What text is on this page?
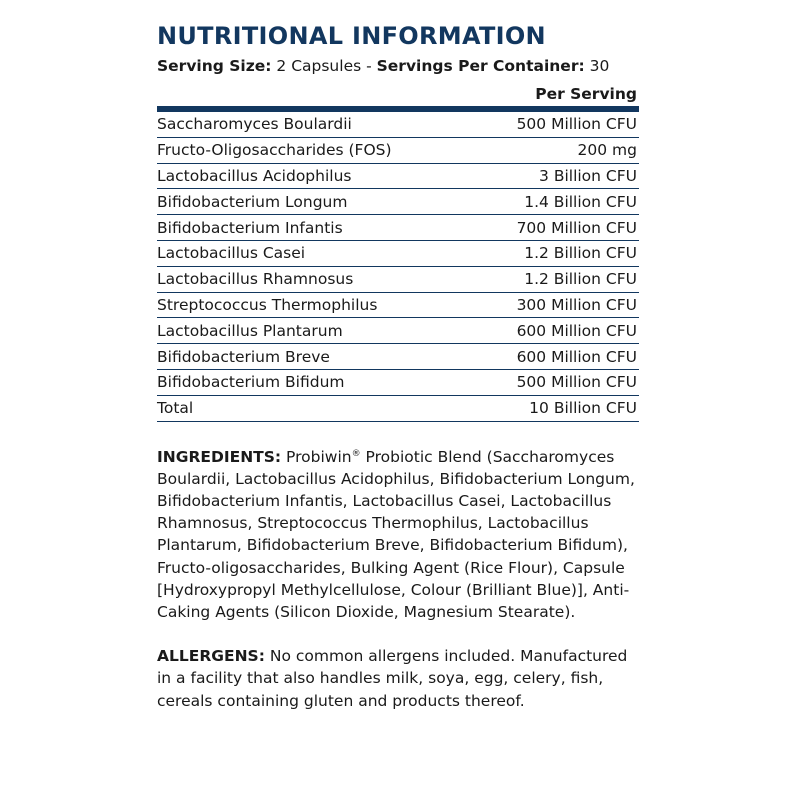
NUTRITIONAL INFORMATION
Serving Size: 2 Capsules - Servings Per Container: 30
Per Serving	
Saccharomyces Boulardii	500 Million CFU
Fructo-Oligosaccharides (FOS)	200 mg
Lactobacillus Acidophilus	3 Billion CFU
Bifidobacterium Longum	1.4 Billion CFU
Bifidobacterium Infantis	700 Million CFU
Lactobacillus Casei	1.2 Billion CFU
Lactobacillus Rhamnosus	1.2 Billion CFU
Streptococcus Thermophilus	300 Million CFU
Lactobacillus Plantarum	600 Million CFU
Bifidobacterium Breve	600 Million CFU
Bifidobacterium Bifidum	500 Million CFU
Total	10 Billion CFU

INGREDIENTS: Probiwin® Probiotic Blend (Saccharomyces Boulardii, Lactobacillus Acidophilus, Bifidobacterium Longum, Bifidobacterium Infantis, Lactobacillus Casei, Lactobacillus Rhamnosus, Streptococcus Thermophilus, Lactobacillus Plantarum, Bifidobacterium Breve, Bifidobacterium Bifidum), Fructo-oligosaccharides, Bulking Agent (Rice Flour), Capsule [Hydroxypropyl Methylcellulose, Colour (Brilliant Blue)], Anti-Caking Agents (Silicon Dioxide, Magnesium Stearate).

ALLERGENS: No common allergens included. Manufactured in a facility that also handles milk, soya, egg, celery, fish, cereals containing gluten and products thereof.
